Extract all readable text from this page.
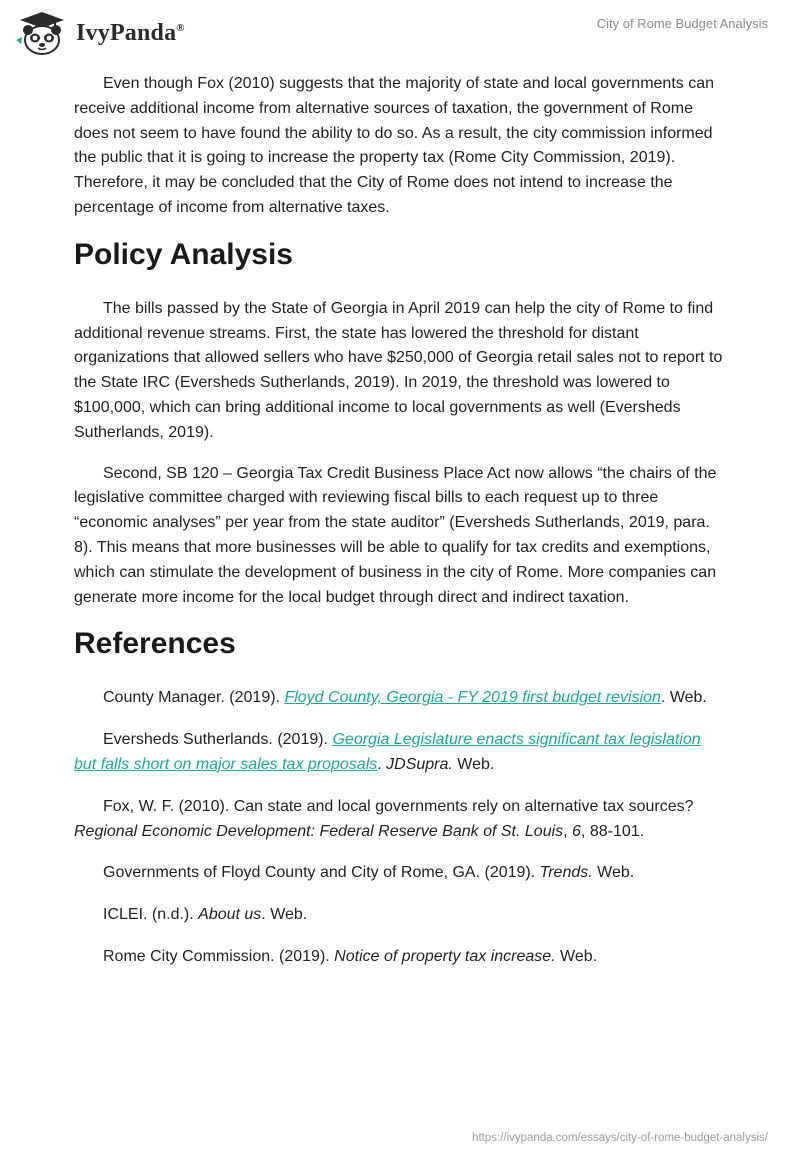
IvyPanda®	City of Rome Budget Analysis

Even though Fox (2010) suggests that the majority of state and local governments can receive additional income from alternative sources of taxation, the government of Rome does not seem to have found the ability to do so. As a result, the city commission informed the public that it is going to increase the property tax (Rome City Commission, 2019). Therefore, it may be concluded that the City of Rome does not intend to increase the percentage of income from alternative taxes.

Policy Analysis

The bills passed by the State of Georgia in April 2019 can help the city of Rome to find additional revenue streams. First, the state has lowered the threshold for distant organizations that allowed sellers who have $250,000 of Georgia retail sales not to report to the State IRC (Eversheds Sutherlands, 2019). In 2019, the threshold was lowered to $100,000, which can bring additional income to local governments as well (Eversheds Sutherlands, 2019).

Second, SB 120 – Georgia Tax Credit Business Place Act now allows “the chairs of the legislative committee charged with reviewing fiscal bills to each request up to three “economic analyses” per year from the state auditor” (Eversheds Sutherlands, 2019, para. 8). This means that more businesses will be able to qualify for tax credits and exemptions, which can stimulate the development of business in the city of Rome. More companies can generate more income for the local budget through direct and indirect taxation.

References

County Manager. (2019). Floyd County, Georgia - FY 2019 first budget revision. Web.

Eversheds Sutherlands. (2019). Georgia Legislature enacts significant tax legislation but falls short on major sales tax proposals. JDSupra. Web.

Fox, W. F. (2010). Can state and local governments rely on alternative tax sources? Regional Economic Development: Federal Reserve Bank of St. Louis, 6, 88-101.

Governments of Floyd County and City of Rome, GA. (2019). Trends. Web.

ICLEI. (n.d.). About us. Web.

Rome City Commission. (2019). Notice of property tax increase. Web.

https://ivypanda.com/essays/city-of-rome-budget-analysis/
